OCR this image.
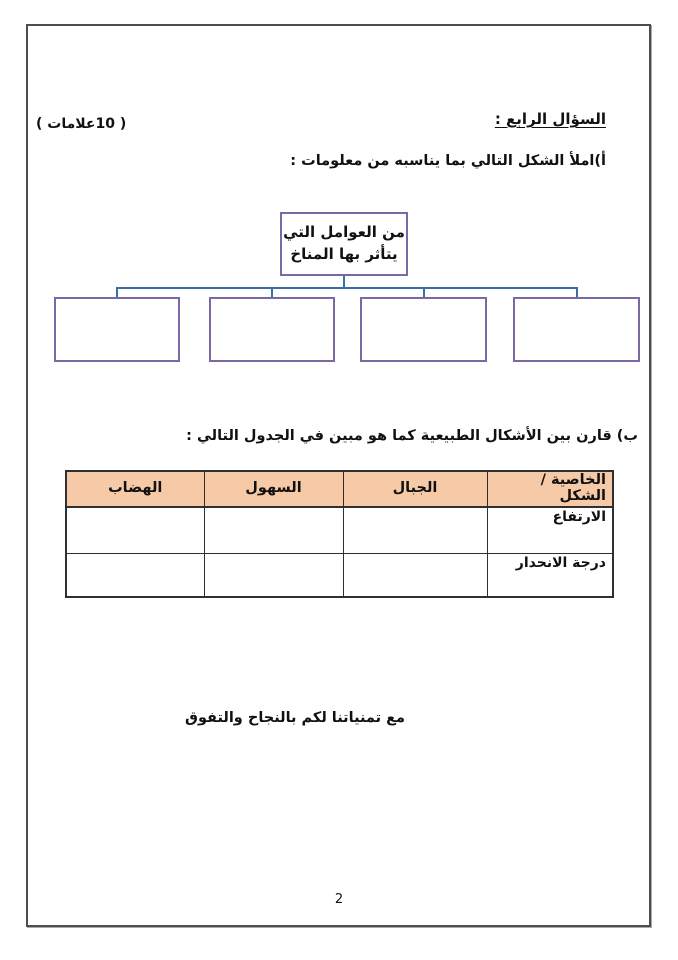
السؤال الرابع :
( 10علامات )
أ)املأ الشكل التالي بما يناسبه من معلومات :
من العوامل التي
يتأثر بها المناخ
ب) قارن بين الأشكال الطبيعية كما هو مبين في الجدول التالي :
الخاصية / الشكل	الجبال	السهول	الهضاب
الارتفاع			
درجة الانحدار			
مع تمنياتنا لكم بالنجاح والتفوق
2
